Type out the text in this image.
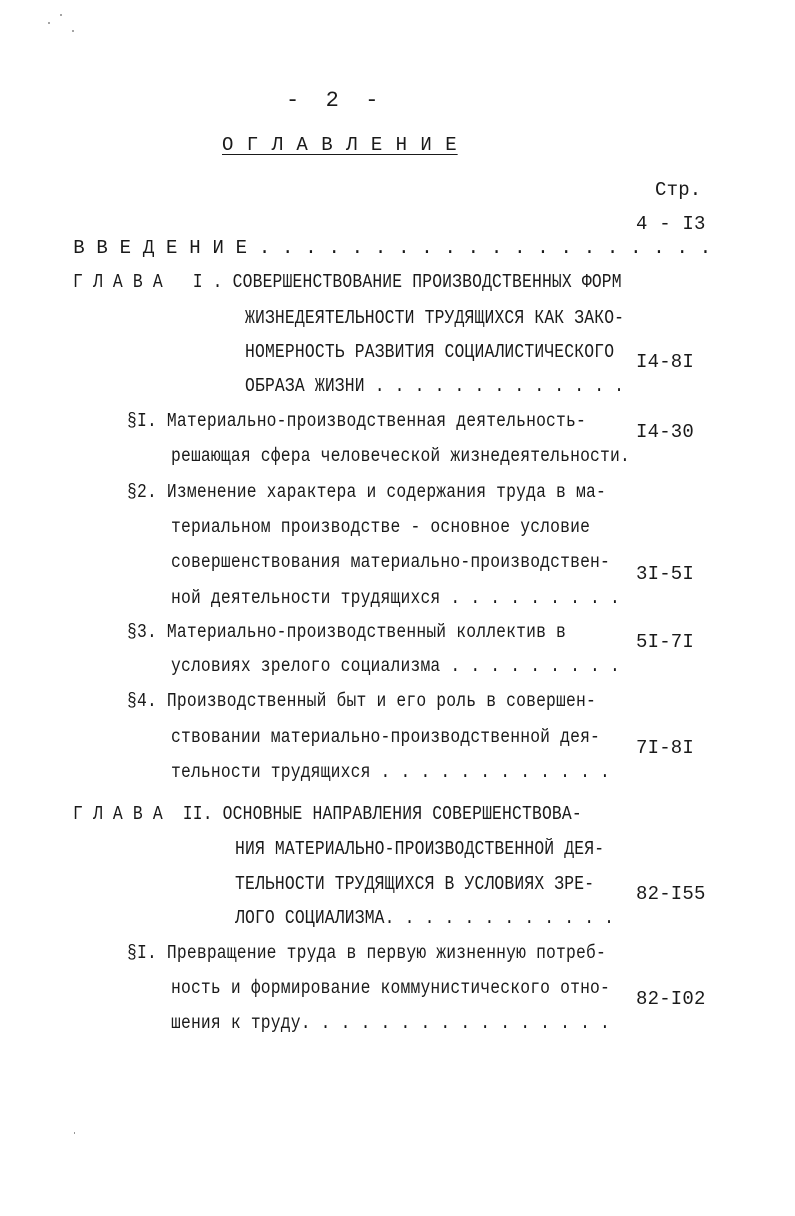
-  2  -
О Г Л А В Л Е Н И Е
Стр.

В В Е Д Е Н И Е . . . . . . . . . . . . . . . . . . . .

4 - I3

Г Л А В А   I . СОВЕРШЕНСТВОВАНИЕ ПРОИЗВОДСТВЕННЫХ ФОРМ

ЖИЗНЕДЕЯТЕЛЬНОСТИ ТРУДЯЩИХСЯ КАК ЗАКО-

НОМЕРНОСТЬ РАЗВИТИЯ СОЦИАЛИСТИЧЕСКОГО

ОБРАЗА ЖИЗНИ . . . . . . . . . . . . .

I4-8I

§I. Материально-производственная деятельность-

решающая сфера человеческой жизнедеятельности.

I4-30

§2. Изменение характера и содержания труда в ма-

териальном производстве - основное условие

совершенствования материально-производствен-

ной деятельности трудящихся . . . . . . . . .

3I-5I

§3. Материально-производственный коллектив в

условиях зрелого социализма . . . . . . . . .

5I-7I

§4. Производственный быт и его роль в совершен-

ствовании материально-производственной дея-

тельности трудящихся . . . . . . . . . . . .

7I-8I

Г Л А В А  II. ОСНОВНЫЕ НАПРАВЛЕНИЯ СОВЕРШЕНСТВОВА-

НИЯ МАТЕРИАЛЬНО-ПРОИЗВОДСТВЕННОЙ ДЕЯ-

ТЕЛЬНОСТИ ТРУДЯЩИХСЯ В УСЛОВИЯХ ЗРЕ-

ЛОГО СОЦИАЛИЗМА. . . . . . . . . . . .

82-I55

§I. Превращение труда в первую жизненную потреб-

ность и формирование коммунистического отно-

шения к труду. . . . . . . . . . . . . . . .

82-I02
